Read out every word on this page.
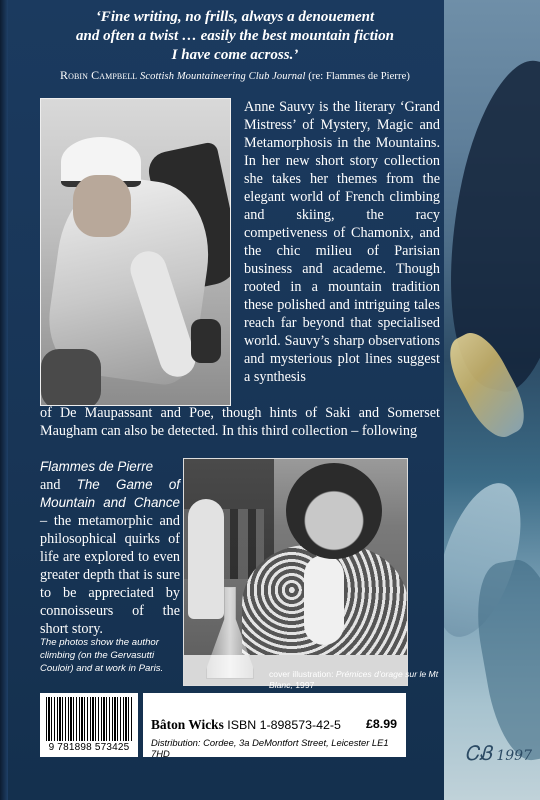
ᏟᏰ 1997
‘Fine writing, no frills, always a denouement
and often a twist … easily the best mountain fiction
I have come across.’
Robin Campbell Scottish Mountaineering Club Journal (re: Flammes de Pierre)
Anne Sauvy is the literary ‘Grand Mistress’ of Mystery, Magic and Metamorphosis in the Mountains. In her new short story collection she takes her themes from the elegant world of French climbing and skiing, the racy competiveness of Chamonix, and the chic milieu of Parisian business and academe. Though rooted in a mountain tradition these polished and intriguing tales reach far beyond that specialised world. Sauvy’s sharp observations and mysterious plot lines suggest a synthesis
of De Maupassant and Poe, though hints of Saki and Somerset Maugham can also be detected. In this third collection – following
Flammes de Pierre
and The Game of Mountain and Chance – the metamorphic and philosophical quirks of life are explored to even greater depth that is sure to be appreciated by connoisseurs of the short story.
The photos show the author climbing (on the Gervasutti Couloir) and at work in Paris.	cover illustration: Prémices d’orage sur le Mt Blanc, 1997

9 781898 573425
Bâton Wicks ISBN 1-898573-42-5 £8.99
Distribution: Cordee, 3a DeMontfort Street, Leicester LE1 7HD
